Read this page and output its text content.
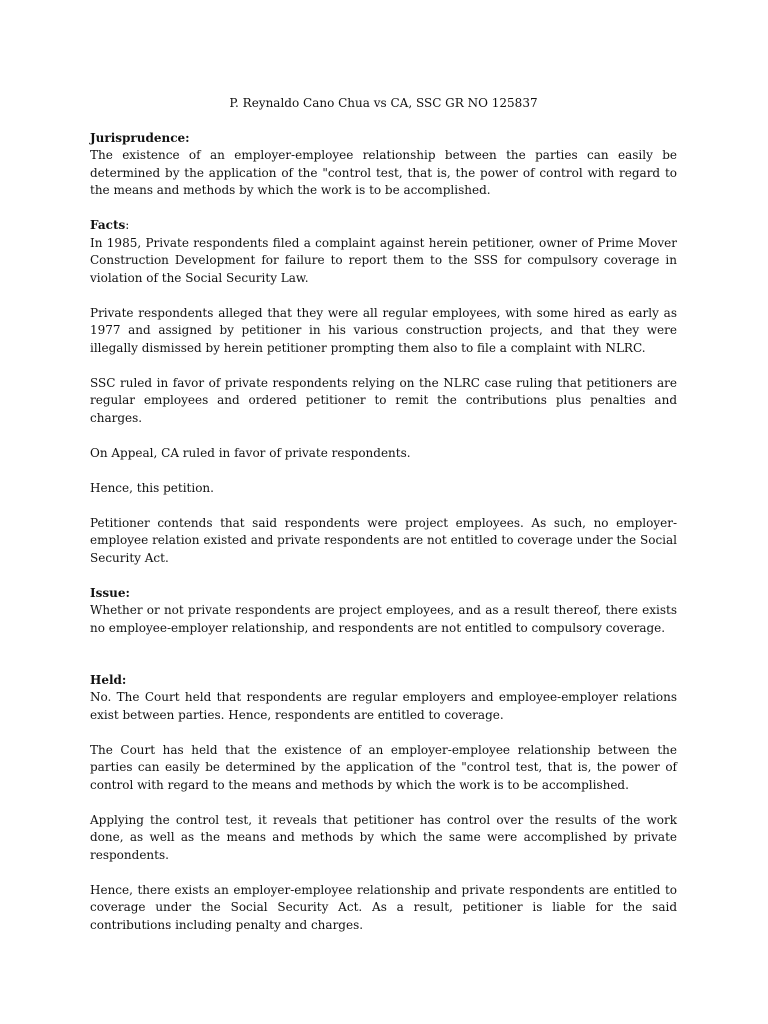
P. Reynaldo Cano Chua vs CA, SSC GR NO 125837

Jurisprudence:

The existence of an employer-employee relationship between the parties can easily be determined by the application of the "control test, that is, the power of control with regard to the means and methods by which the work is to be accomplished.

Facts:

In 1985, Private respondents filed a complaint against herein petitioner, owner of Prime Mover Construction Development for failure to report them to the SSS for compulsory coverage in violation of the Social Security Law.

Private respondents alleged that they were all regular employees, with some hired as early as 1977 and assigned by petitioner in his various construction projects, and that they were illegally dismissed by herein petitioner prompting them also to file a complaint with NLRC.

SSC ruled in favor of private respondents relying on the NLRC case ruling that petitioners are regular employees and ordered petitioner to remit the contributions plus penalties and charges.

On Appeal, CA ruled in favor of private respondents.

Hence, this petition.

Petitioner contends that said respondents were project employees. As such, no employer-employee relation existed and private respondents are not entitled to coverage under the Social Security Act.

Issue:

Whether or not private respondents are project employees, and as a result thereof, there exists no employee-employer relationship, and respondents are not entitled to compulsory coverage.

Held:

No. The Court held that respondents are regular employers and employee-employer relations exist between parties. Hence, respondents are entitled to coverage.

The Court has held that the existence of an employer-employee relationship between the parties can easily be determined by the application of the "control test, that is, the power of control with regard to the means and methods by which the work is to be accomplished.

Applying the control test, it reveals that petitioner has control over the results of the work done, as well as the means and methods by which the same were accomplished by private respondents.

Hence, there exists an employer-employee relationship and private respondents are entitled to coverage under the Social Security Act. As a result, petitioner is liable for the said contributions including penalty and charges.
